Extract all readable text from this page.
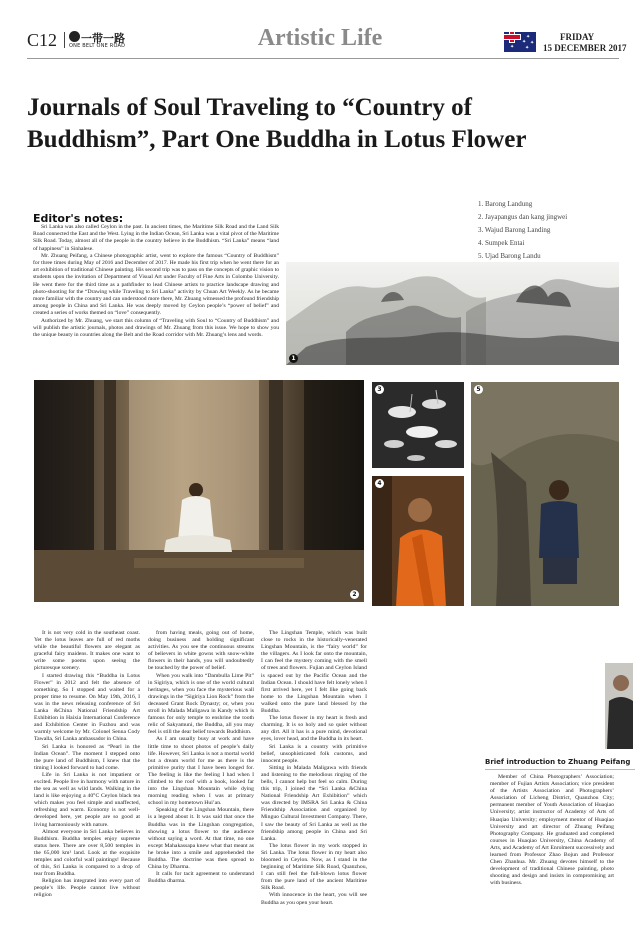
C12 一带一路
ONE BELT ONE ROAD	Artistic Life	✦
✦
✦
✦
✦
FRIDAY
15 DECEMBER 2017
Journals of Soul Traveling to “Country of Buddhism”, Part One Buddha in Lotus Flower
Editor's notes:

Sri Lanka was also called Ceylon in the past. In ancient times, the Maritime Silk Road and the Land Silk Road connected the East and the West. Lying in the Indian Ocean, Sri Lanka was a vital pivot of the Maritime Silk Road. Today, almost all of the people in the country believe in the Buddhism. “Sri Lanka” means “land of happiness” in Sinhalese.

Mr. Zhuang Peifang, a Chinese photographic artist, went to explore the famous “Country of Buddhism” for three times during May of 2016 and December of 2017. He made his first trip when he went there for an art exhibition of traditional Chinese painting. His second trip was to pass on the concepts of graphic vision to students upon the invitation of Department of Visual Art under Faculty of Fine Arts in Colombo University. He went there for the third time as a pathfinder to lead Chinese artists to practice landscape drawing and photo-shooting for the “Drawing while Traveling to Sri Lanka” activity by Chuan Art Weekly. As he became more familiar with the country and can understood more there, Mr. Zhuang witnessed the profound friendship among people in China and Sri Lanka. He was deeply moved by Ceylon people’s “power of belief” and created a series of works themed on “love” consequently.

Authorized by Mr. Zhuang, we start this column of “Traveling with Soul to “Country of Buddhism” and will publish the artistic journals, photos and drawings of Mr. Zhuang from this issue. We hope to show you the unique beauty in countries along the Belt and the Road corridor with Mr. Zhuang’s lens and words.

1. Barong Landung
2. Jayapangus dan kang jingwei
3. Wajud Barong Landing
4. Sumpek Entai
5. Ujad Barong Landu
1
2
3
4
5

It is not very cold in the southeast coast. Yet the lotus leaves are full of red moths while the beautiful flowers are elegant as graceful fairy maidens. It makes one want to write some poems upon seeing the picturesque scenery.

I started drawing this “Buddha in Lotus Flower” in 2012 and felt the absence of something. So I stopped and waited for a proper time to resume. On May 19th, 2016, I was in the news releasing conference of Sri Lanka &China National Friendship Art Exhibition in Haixia International Conference and Exhibition Center in Fuzhou and was warmly welcome by Mr. Colonel Senna Cody Tawalla, Sri Lanka ambassador in China.

Sri Lanka is honored as “Pearl in the Indian Ocean”. The moment I stepped onto the pure land of Buddhism, I knew that the timing I looked forward to had come.

Life in Sri Lanka is not impatient or excited. People live in harmony with nature in the sea as well as wild lands. Walking in the land is like enjoying a 40°C Ceylon black tea which makes you feel simple and unaffected, refreshing and warm. Economy is not well-developed here, yet people are so good at living harmoniously with nature.

Almost everyone in Sri Lanka believes in Buddhism. Buddha temples enjoy supreme status here. There are over 8,500 temples in the 65,000 km² land. Look at the exquisite temples and colorful wall paintings! Because of this, Sri Lanka is compared to a drop of tear from Buddha.

Religion has integrated into every part of people’s life. People cannot live without religion

from having meals, going out of home, doing business and holding significant activities. As you see the continuous streams of believers in white gowns with snow-white flowers in their hands, you will undoubtedly be touched by the power of belief.

When you walk into “Dambulla Lime Pit” in Sigiriya, which is one of the world cultural heritages, when you face the mysterious wall drawings in the “Sigiriya Lion Rock” from the deceased Grant Rock Dynasty; or, when you stroll in Malada Maligawa in Kandy which is famous for only temple to enshrine the tooth relic of Sakyamuni, the Buddha, all you may feel is still the dear belief towards Buddhism.

As I am usually busy at work and have little time to shoot photos of people’s daily life. However, Sri Lanka is not a mortal world but a dream world for me as there is the primitive purity that I have been longed for. The feeling is like the feeling I had when I climbed to the roof with a book, looked far into the Lingshan Mountain while dying morning reading when I was at primary school in my hometown Hui’an.

Speaking of the Lingshan Mountain, there is a legend about it. It was said that once the Buddha was in the Lingshan congregation, showing a lotus flower to the audience without saying a word. At that time, no one except Mahakassapa knew what that meant as he broke into a smile and apprehended the Buddha. The doctrine was then spread to China by Dharma.

It calls for tacit agreement to understand Buddha dharma.

The Lingshan Temple, which was built close to rocks in the historically-venerated Lingshan Mountain, is the “fairy world” for the villagers. As I look far onto the mountain, I can feel the mystery coming with the smell of trees and flowers. Fujian and Ceylon Island is spaced out by the Pacific Ocean and the Indian Ocean. I should have felt lonely when I first arrived here, yet I felt like going back home to the Lingshan Mountain when I walked onto the pure land blessed by the Buddha.

The lotus flower in my heart is fresh and charming. It is so holy and so quiet without any dirt. All it has is a pure mind, devotional eyes, lover head, and the Buddha in its heart.

Sri Lanka is a country with primitive belief, unsophisticated folk customs, and innocent people.

Sitting in Malada Maligawa with friends and listening to the melodious ringing of the bells, I cannot help but feel so calm. During this trip, I joined the “Sri Lanka &China National Friendship Art Exhibition” which was directed by IMSRA Sri Lanka & China Friendship Association and organized by Minguo Cultural Investment Company. There, I saw the beauty of Sri Lanka as well as the friendship among people in China and Sri Lanka.

The lotus flower in my work stopped in Sri Lanka. The lotus flower in my heart also bloomed in Ceylon. Now, as I stand in the beginning of Maritime Silk Road, Quanzhou, I can still feel the full-blown lotus flower from the pure land of the ancient Maritime Silk Road.

With innocence in the heart, you will see Buddha as you open your heart.

Brief introduction to Zhuang Peifang

Member of China Photographers’ Association; member of Fujian Artists Association; vice president of the Artists Association and Photographers’ Association of Licheng District, Quanzhou City; permanent member of Youth Association of Huaqiao University; artist instructor of Academy of Arts of Huaqiao University; employment mentor of Huaqiao University and art director of Zhuang Peifang Photography Company. He graduated and completed courses in Huaqiao University, China Academy of Arts, and Academy of Art Enrolment successively and learned from Professor Zhao Bojun and Professor Chen Zhanhua. Mr. Zhuang devotes himself to the development of traditional Chinese painting, photo shooting and design and insists in compromising art with business.
